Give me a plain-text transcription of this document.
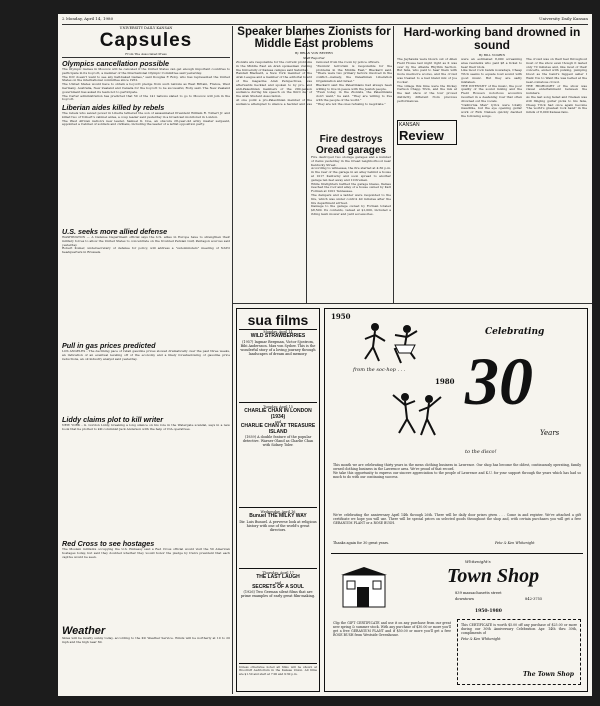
2 Monday, April 14, 1980	University Daily Kansan
UNIVERSITY DAILY KANSAN
Capsules
From The Associated Press
Olympics cancellation possible
The Olympic Games in Moscow will be canceled if the United States can get enough important countries to participate in its boycott, a member of the International Olympic Committee said yesterday.
The IOC doesn't want to see any half-baked Games," said Douglas F. Roby, who has represented the United States on the international committee since 1952.
The United States would have to obtain a boycott pledge from such nations as West Britain, France, West Germany, Australia, New Zealand and Canada for the boycott to be successful, Roby said. The New Zealand government has asked its team not to participate.
The Carter administration has predicted that 50 of the 141 nations slated to go to Moscow will join in the boycott.
Liberian aides killed by rebels
The rebels who seized power in Liberia tethered the son of assassinated President William R. Tolbert Jr. and killed two of Tolbert's cabinet aides, a coup leader said yesterday in a broadcast monitored in London.
The West African nation's new leader, Samuel K. Doe, an obscure 28-year-old army master sergeant, appointed a Cabinet of soldiers and civilians, including the leader of a leftist opposition party.
U.S. seeks more allied defense
WASHINGTON — A Defense Department official says the U.S. allies in Europe have to strengthen their military forces to allow the United States to concentrate on the troubled Persian Gulf, Pentagon sources said yesterday.
Robert Komer, undersecretary of defense for policy, will address a "sub-ministers" meeting of NATO headquarters in Brussels.
Pull in gas prices predicted
LOS ANGELES - The declining pace of retail gasoline prices slowed dramatically over the past three weeks, an indication of an eventual leveling off of the economy and a likely foreshadowing of gasoline price reductions, an oil industry analyst said yesterday.
Liddy claims plot to kill writer
NEW YORK - G. Gordon Liddy, breaking a long silence on his role in the Watergate scandal, says in a new book that he plotted to kill columnist Jack Anderson with the help of CIA operatives.
Red Cross to see hostages
The Moslem militants occupying the U.S. Embassy said a Red Cross official would visit the 50 American hostages today, but said they doubted whether they would honor the pledge by Iran's president that each captive would be seen.
Weather
Skies will be mostly sunny today, according to the KU Weather Service. Winds will be northerly at 10 to 20 mph and the high near 60.
Speaker blames Zionists for Middle East problems
By BRIAN VON BEVERN
Staff Reporter
Zionists are responsible for the current problems in the Middle East an Arab spokesman visiting the University of Kansas campus said Saturday.
Randall Blackard, a New York member of the Arab League and a member of the editorial board of the magazine Arab Perspectives, was afterwards heckled and spoken to by pro- and anti-Palestinian members of the 200-person audience during his speech on the third day of the Arab Student Association.
At one point a pro-Palestinian member of the audience attempted to silence a heckler and was removed from the room by police officers.
"Zionists' terrorism is responsible for the problems in the Middle East," Blackard said. "There were two primary factors involved in the conflict—namely, the Palestinian Liberation Organization and Israel."
Blackard said the Palestinians had always been willing to live in peace with the Jewish people.
"Even today, in the Zionists, the Palestinians don't want," he said. "They are willing to live with the people of the world."
"They are not the ones refusing to negotiate."
Fire destroys Oread garages
Fire destroyed two storage garages and a number of items yesterday in the Oread neighborhood near Kentucky Street.
According to witnesses, the fire started at 4:30 p.m. in the rear of the garage in an alley behind a house at 1017 Kentucky and soon spread to another garage ten feet away and 10 firemen.
While firefighters battled the garage blazes, flames reached the roof and alley of a house owned by Karl Forman at 1001 Tennessee.
The dampers and a ladder were responded to the fire, which was under control 40 minutes after the fire department arrived.
Damage to the garage owned by Forman totaled $8,500. Its contents, valued at $1,000, included a riding lawn mower and yard accessories.
Hard-working band drowned in sound
By BILL VOGRIN
The Jayhawks were blown out of Allen Field House last night right as it was over by the Atlanta Rhythm Section. But fans, who paid to hear them with more mediocre scores, and the crowd was treated to a bad bland mix of Joe Cocker.
The village this time were the Dickey Carlson Chapp Trick, and the mix at the last show of the tour proved distinctly different from previous performances.
KANSAN
Review
were an estimated 8,000 screaming area residents who paid $8 a ticket to hear their idols.
Like most rock bands nowadays, Cheap Trick seems to equate loud sound with good music. But they are sadly mistaken.
THE INTENSITY of the music, the poor quality of the sound mixing and the Field House's notorious acoustics resulted in a deafening roar that often drowned out the vocals.
"California Man" lyrics were totally inaudible, but the eye opening guitar work of Rick Nielsen quickly dazzled the following songs.
The crowd was on their feet throughout most of the show even though it lasted only 70 minutes and, like most of their concerts, ended with pulsing, pumping blood as the band's biggest seller I Want You to Want Me was belted at the near-comatose crowd.
THE HIGHLIGHT of the show was visual entertainment between the numbers.
As the last song faded and Nielsen was still flinging guitar picks to his fans, Cheap Trick had once again become "the world's greatest rock band" in the minds of 8,000 Kansas fans.
sua films

Monday, April 14

WILD STRAWBERRIES

(1957) Ingmar Bergman, Victor Sjostrom, Bibi Andersson. Max von Sydow. This is the wonderful story of a loving journey through landscapes of dream and memory.

Tuesday, April 15

CHARLIE CHAN IN LONDON (1934)

and

CHARLIE CHAN AT TREASURE ISLAND

(1939) A double feature of the popular detective. Warner Oland as Charlie Chan with Sidney Toler.

Wednesday, April 16

Bunuel THE MILKY WAY

Dir. Luis Bunuel. A perverse look at religious history with one of the world's great directors.

Thursday, April 17

THE LAST LAUGH

and

SECRETS OF A SOUL

(1926) Two German silent films that are prime examples of early great film-making.

Unless otherwise noted all films will be shown at Woodruff Auditorium in the Kansas Union. All films are $1.50 and start at 7:00 and 9:30 p.m.
1950
from the soc-hop . . .
Celebrating
30
Years
1980
to the disco!
This month we are celebrating thirty years in the mens clothing business in Lawrence. Our shop has become the oldest, continuously operating, family owned clothing business in the Lawrence area. We're proud of that record.
We take this opportunity to express our sincere appreciation to the people of Lawrence and K.U. for your support through the years which has had so much to do with our continuing success.
We're celebrating the anniversary April 14th through 26th. There will be daily door prizes given . . . Come in and register. We've attached a gift certificate we hope you will use. There will be special prices on selected goods throughout the shop and, with certain purchases you will get a free GERANIUM PLANT or a ROSE BUSH.
Thanks again for 30 great years.	Pete & Ken Whitenight
Whitenight's
Town Shop
839 massachusetts street
downtown	842-3755
Clip the GIFT CERTIFICATE and use it on any purchase from our great new spring & summer stock. With any purchase of $30.00 or more you'll get a free GERANIUM PLANT and if $50.00 or more you'll get a free ROSE BUSH from Westside Greenhouse.
1950-1980
This CERTIFICATE is worth $5.00 off any purchase of $25.00 or more during our 30th Anniversary Celebration Apr. 14th thru 30th, compliments of
Pete & Ken Whitenight
The Town Shop
